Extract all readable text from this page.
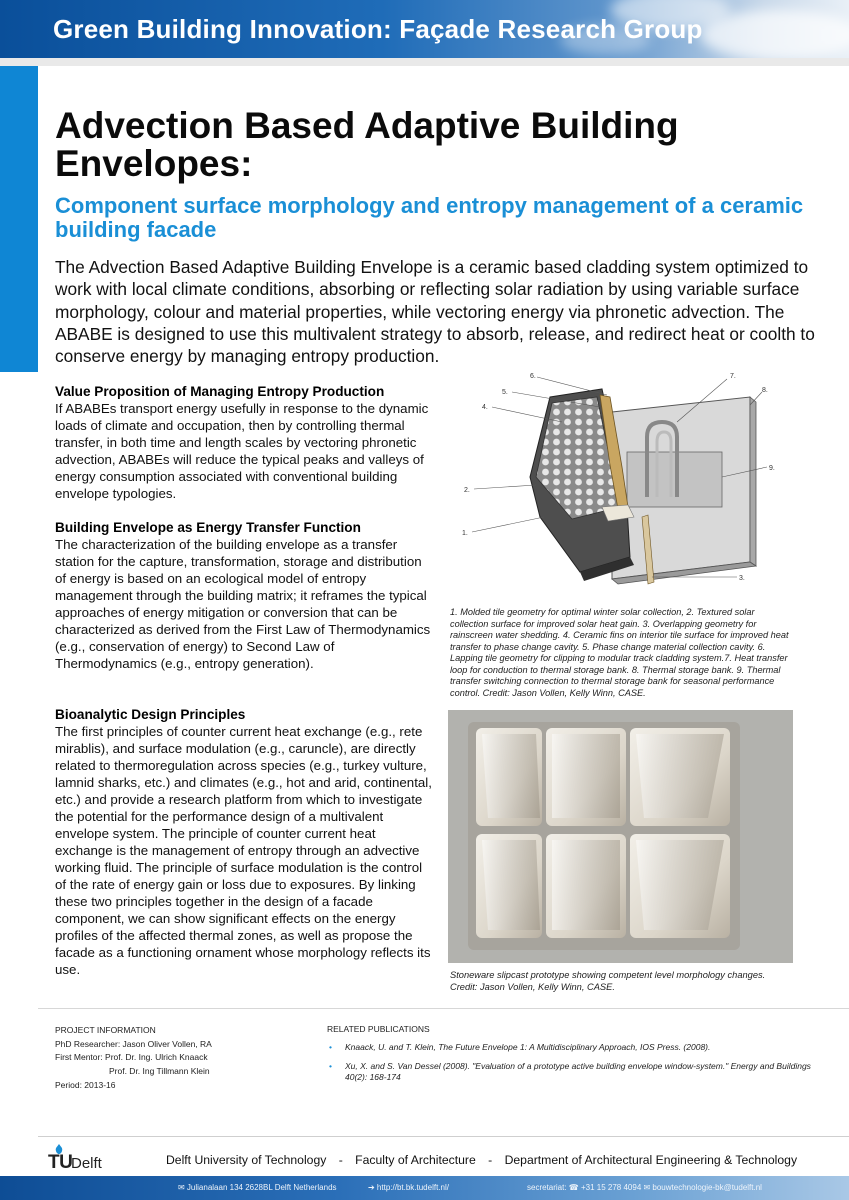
Green Building Innovation: Façade Research Group
Advection Based Adaptive Building Envelopes:
Component surface morphology and entropy management of a ceramic building facade

The Advection Based Adaptive Building Envelope is a ceramic based cladding system optimized to work with local climate conditions, absorbing or reflecting solar radiation by using variable surface morphology, colour and material properties, while vectoring energy via phronetic advection. The ABABE is designed to use this multivalent strategy to absorb, release, and redirect heat or coolth to conserve energy by managing entropy production.

Value Proposition of Managing Entropy Production
If ABABEs transport energy usefully in response to the dynamic loads of climate and occupation, then by controlling thermal transfer, in both time and length scales by vectoring phronetic advection, ABABEs will reduce the typical peaks and valleys of energy consumption associated with conventional building envelope typologies.
Building Envelope as Energy Transfer Function
The characterization of the building envelope as a transfer station for the capture, transformation, storage and distribution of energy is based on an ecological model of entropy management through the building matrix; it reframes the typical approaches of energy mitigation or conversion that can be characterized as derived from the First Law of Thermodynamics (e.g., conservation of energy) to Second Law of Thermodynamics (e.g., entropy generation).
Bioanalytic Design Principles
The first principles of counter current heat exchange (e.g., rete mirablis), and surface modulation (e.g., caruncle), are directly related to thermoregulation across species (e.g., turkey vulture, lamnid sharks, etc.) and climates (e.g., hot and arid, continental, etc.) and provide a research platform from which to investigate the potential for the performance design of a multivalent envelope system. The principle of counter current heat exchange is the management of entropy through an advective working fluid. The principle of surface modulation is the control of the rate of energy gain or loss due to exposures. By linking these two principles together in the design of a facade component, we can show significant effects on the energy profiles of the affected thermal zones, as well as propose the facade as a functioning ornament whose morphology reflects its use.
1.
2.
3.
4.
5.
6.	7.
8.
9.

1. Molded tile geometry for optimal winter solar collection, 2. Textured solar collection surface for improved solar heat gain. 3. Overlapping geometry for rainscreen water shedding. 4. Ceramic fins on interior tile surface for improved heat transfer to phase change cavity. 5. Phase change material collection cavity. 6. Lapping tile geometry for clipping to modular track cladding system.7. Heat transfer loop for conduction to thermal storage bank. 8. Thermal storage bank. 9. Thermal transfer switching connection to thermal storage bank for seasonal performance control. Credit: Jason Vollen, Kelly Winn, CASE.

Stoneware slipcast prototype showing competent level morphology changes. Credit: Jason Vollen, Kelly Winn, CASE.

PROJECT INFORMATION
PhD Researcher: Jason Oliver Vollen, RA
First Mentor: Prof. Dr. Ing. Ulrich Knaack
Prof. Dr. Ing Tillmann Klein
Period: 2013-16
RELATED PUBLICATIONS
• Knaack, U. and T. Klein, The Future Envelope 1: A Multidisciplinary Approach, IOS Press. (2008).
• Xu, X. and S. Van Dessel (2008). "Evaluation of a prototype active building envelope window-system." Energy and Buildings 40(2): 168-174
TU
Delft	Delft University of Technology - Faculty of Architecture - Department of Architectural Engineering & Technology
✉ Julianalaan 134 2628BL Delft Netherlands	➔ http://bt.bk.tudelft.nl/	secretariat: ☎ +31 15 278 4094 ✉ bouwtechnologie-bk@tudelft.nl
